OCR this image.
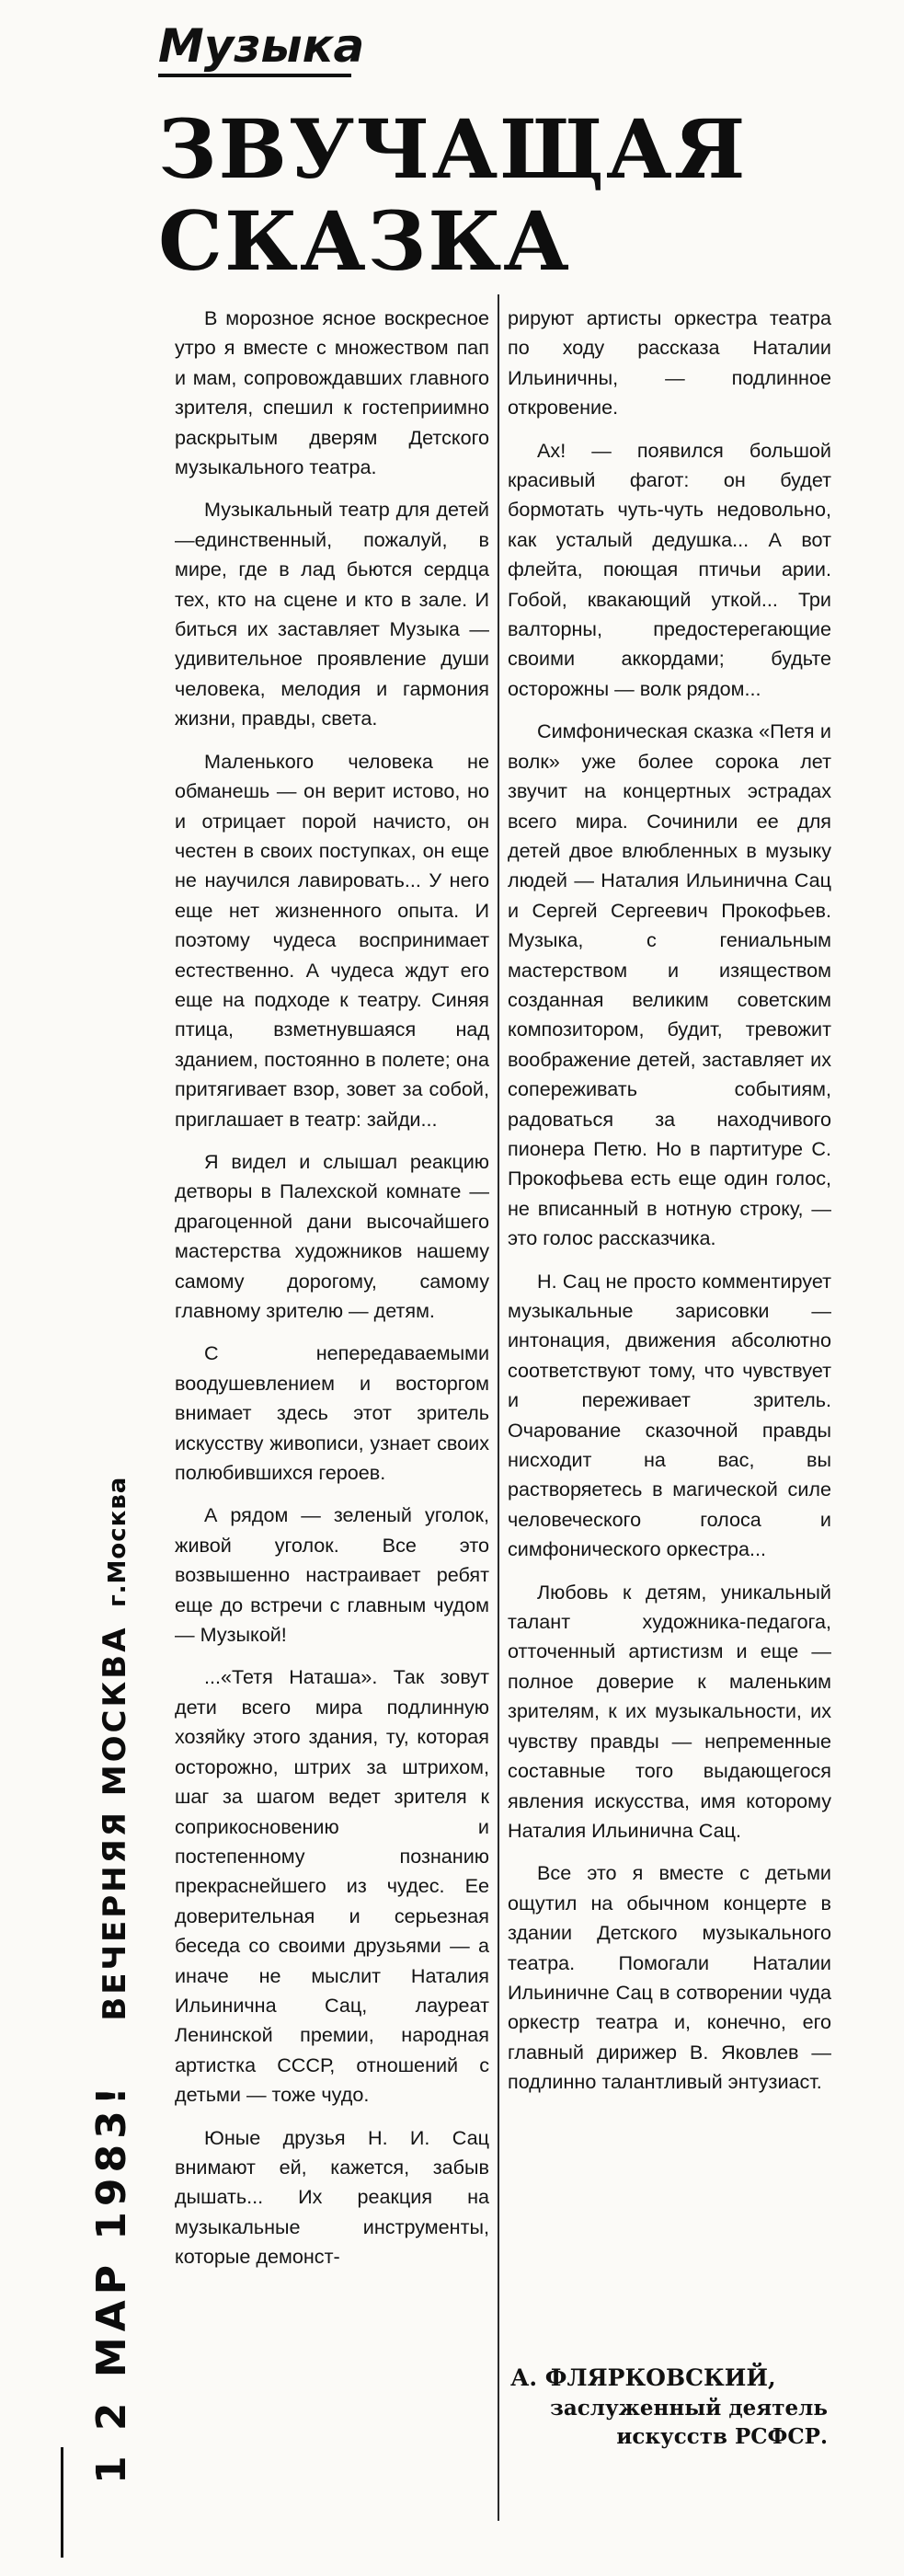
Музыка
ЗВУЧАЩАЯ
СКАЗКА

В морозное ясное воскресное утро я вместе с множеством пап и мам, сопровождавших главного зрителя, спешил к гостеприимно раскрытым дверям Детского музыкального театра.

Музыкальный театр для детей—единственный, пожалуй, в мире, где в лад бьются сердца тех, кто на сцене и кто в зале. И биться их заставляет Музыка — удивительное проявление души человека, мелодия и гармония жизни, правды, света.

Маленького человека не обманешь — он верит истово, но и отрицает порой начисто, он честен в своих поступках, он еще не научился лавировать... У него еще нет жизненного опыта. И поэтому чудеса воспринимает естественно. А чудеса ждут его еще на подходе к театру. Синяя птица, взметнувшаяся над зданием, постоянно в полете; она притягивает взор, зовет за собой, приглашает в театр: зайди...

Я видел и слышал реакцию детворы в Палехской комнате — драгоценной дани высочайшего мастерства художников нашему самому дорогому, самому главному зрителю — детям.

С непередаваемыми воодушевлением и восторгом внимает здесь этот зритель искусству живописи, узнает своих полюбившихся героев.

А рядом — зеленый уголок, живой уголок. Все это возвышенно настраивает ребят еще до встречи с главным чудом — Музыкой!

...«Тетя Наташа». Так зовут дети всего мира подлинную хозяйку этого здания, ту, которая осторожно, штрих за штрихом, шаг за шагом ведет зрителя к соприкосновению и постепенному познанию прекраснейшего из чудес. Ее доверительная и серьезная беседа со своими друзьями — а иначе не мыслит Наталия Ильинична Сац, лауреат Ленинской премии, народная артистка СССР, отношений с детьми — тоже чудо.

Юные друзья Н. И. Сац внимают ей, кажется, забыв дышать... Их реакция на музыкальные инструменты, которые демонст-

рируют артисты оркестра театра по ходу рассказа Наталии Ильиничны, — подлинное откровение.

Ах! — появился большой красивый фагот: он будет бормотать чуть-чуть недовольно, как усталый дедушка... А вот флейта, поющая птичьи арии. Гобой, квакающий уткой... Три валторны, предостерегающие своими аккордами; будьте осторожны — волк рядом...

Симфоническая сказка «Петя и волк» уже более сорока лет звучит на концертных эстрадах всего мира. Сочинили ее для детей двое влюбленных в музыку людей — Наталия Ильинична Сац и Сергей Сергеевич Прокофьев. Музыка, с гениальным мастерством и изяществом созданная великим советским композитором, будит, тревожит воображение детей, заставляет их сопереживать событиям, радоваться за находчивого пионера Петю. Но в партитуре С. Прокофьева есть еще один голос, не вписанный в нотную строку, — это голос рассказчика.

Н. Сац не просто комментирует музыкальные зарисовки — интонация, движения абсолютно соответствуют тому, что чувствует и переживает зритель. Очарование сказочной правды нисходит на вас, вы растворяетесь в магической силе человеческого голоса и симфонического оркестра...

Любовь к детям, уникальный талант художника-педагога, отточенный артистизм и еще — полное доверие к маленьким зрителям, к их музыкальности, их чувству правды — непременные составные того выдающегося явления искусства, имя которому Наталия Ильинична Сац.

Все это я вместе с детьми ощутил на обычном концерте в здании Детского музыкального театра. Помогали Наталии Ильиничне Сац в сотворении чуда оркестр театра и, конечно, его главный дирижер В. Яковлев — подлинно талантливый энтузиаст.

А. ФЛЯРКОВСКИЙ,
заслуженный деятель искусств РСФСР.
1 2 МАР 1983! ВЕЧЕРНЯЯ МОСКВА г.Москва
